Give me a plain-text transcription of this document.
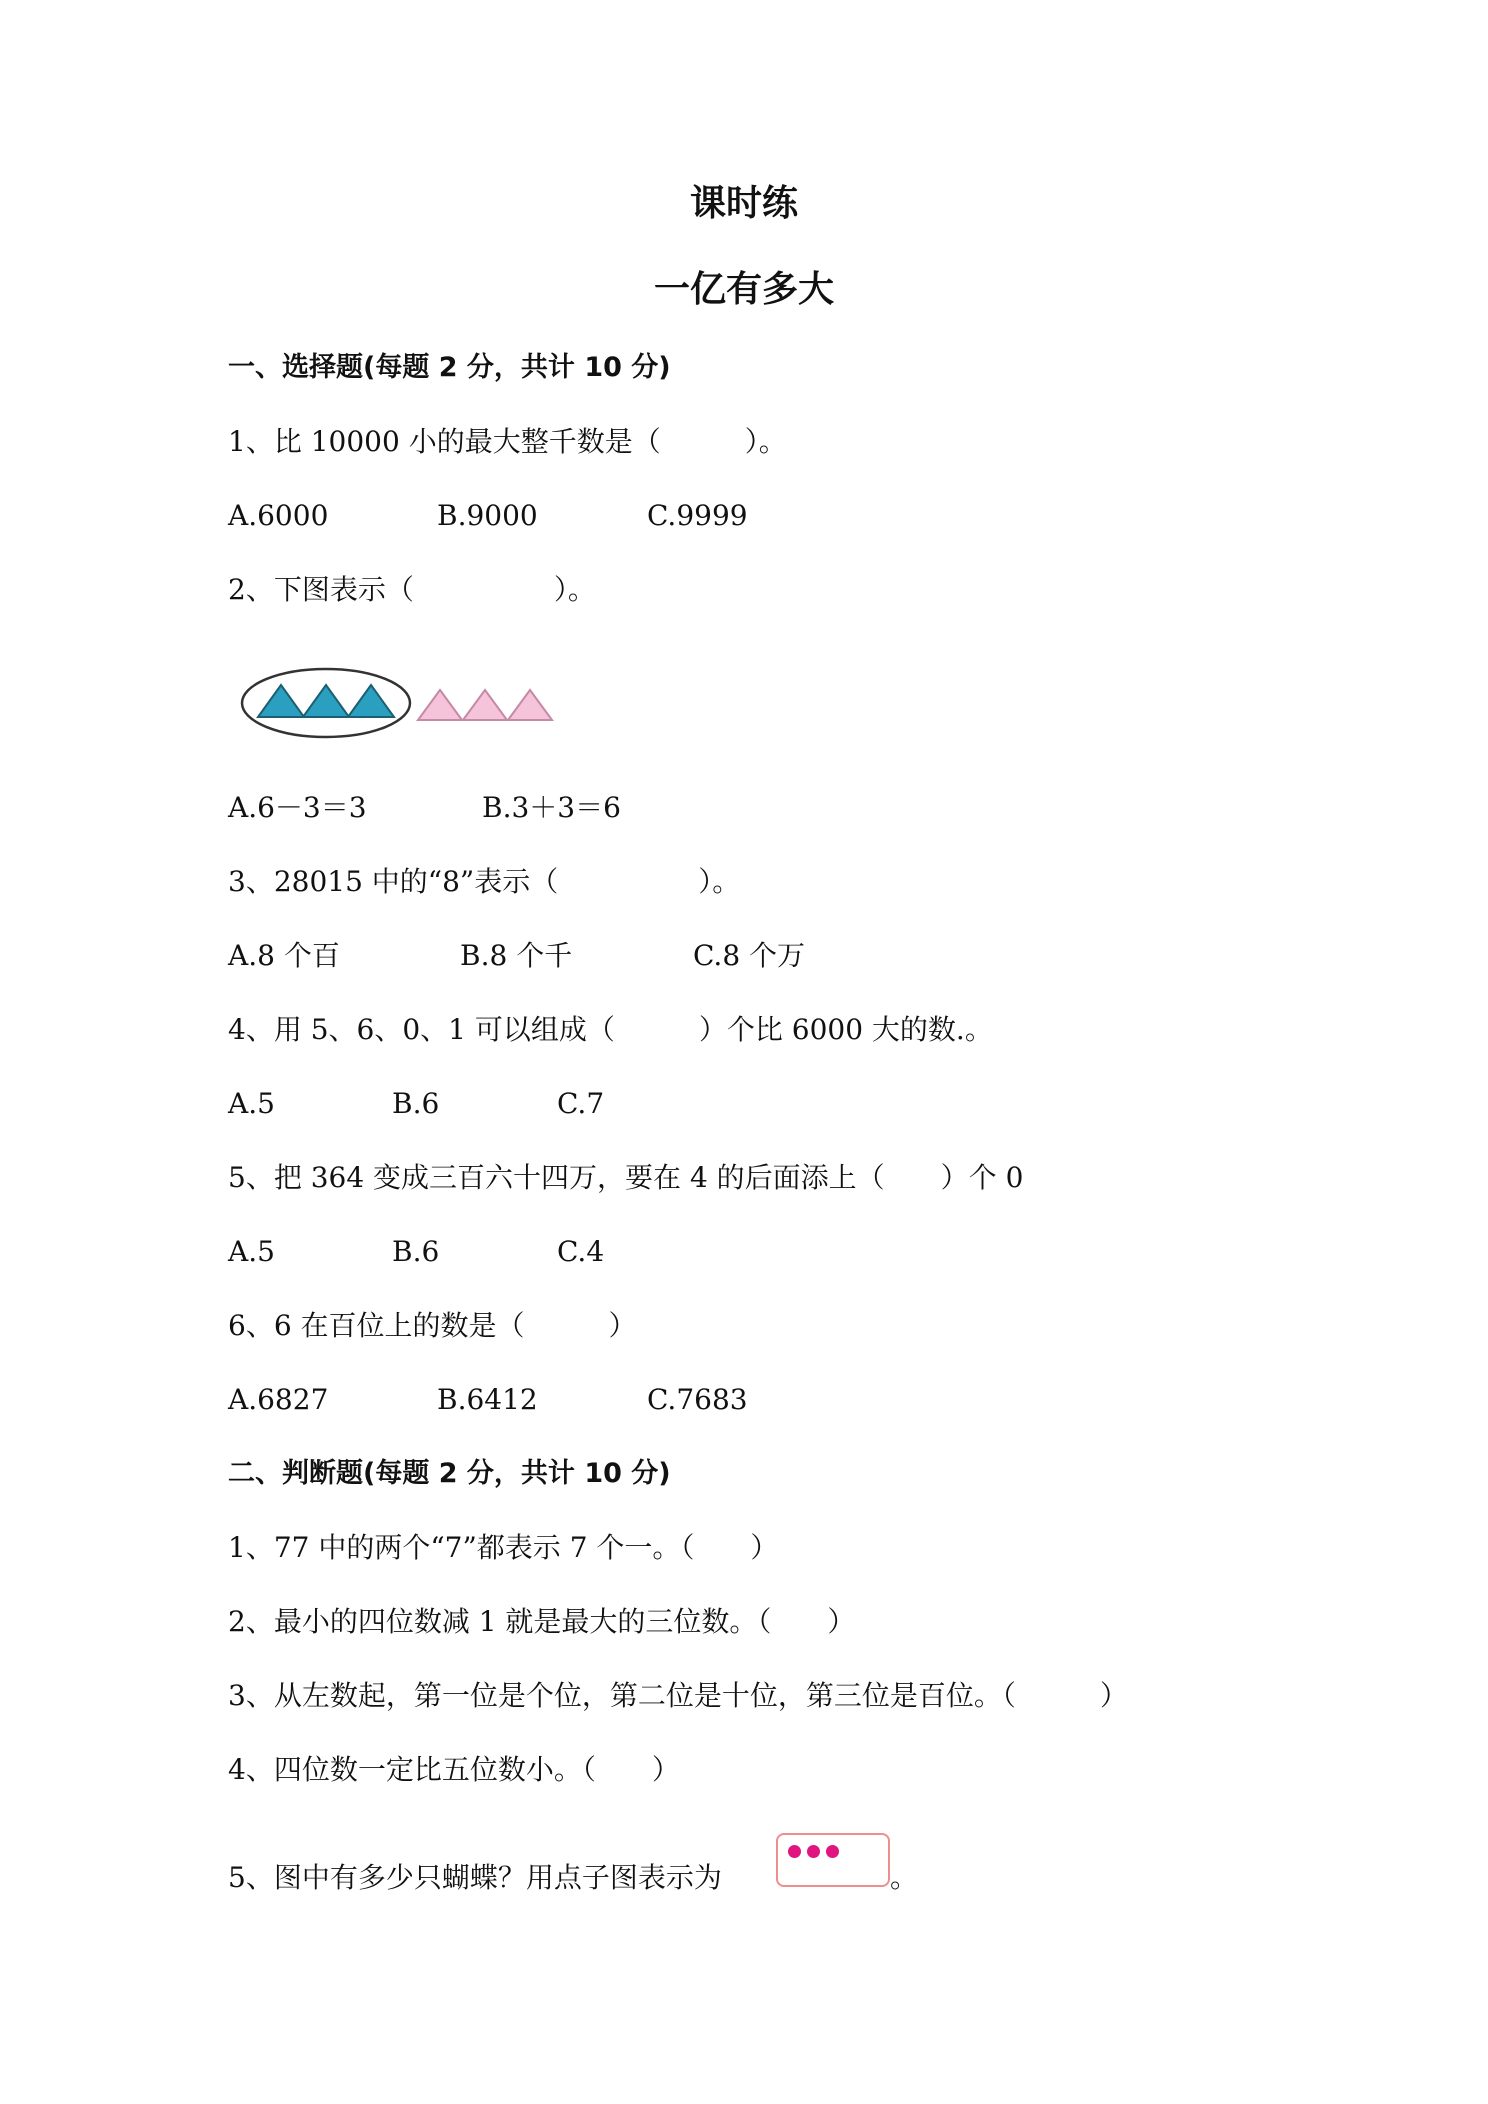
课时练
一亿有多大
一、选择题(每题 2 分，共计 10 分)
1、比 10000 小的最大整千数是（　　　）。
A.6000	B.9000	C.9999
2、下图表示（　　　　　）。
A.6－3＝3	B.3＋3＝6
3、28015 中的“8”表示（　　　　　）。
A.8 个百	B.8 个千	C.8 个万
4、用 5、6、0、1 可以组成（　　　）个比 6000 大的数.。
A.5	B.6	C.7
5、把 364 变成三百六十四万，要在 4 的后面添上（　　）个 0
A.5	B.6	C.4
6、6 在百位上的数是（　　　）
A.6827	B.6412	C.7683
二、判断题(每题 2 分，共计 10 分)
1、77 中的两个“7”都表示 7 个一。（　　）
2、最小的四位数减 1 就是最大的三位数。（　　）
3、从左数起，第一位是个位，第二位是十位，第三位是百位。（　　　）
4、四位数一定比五位数小。（　　）
5、图中有多少只蝴蝶？用点子图表示为	。
